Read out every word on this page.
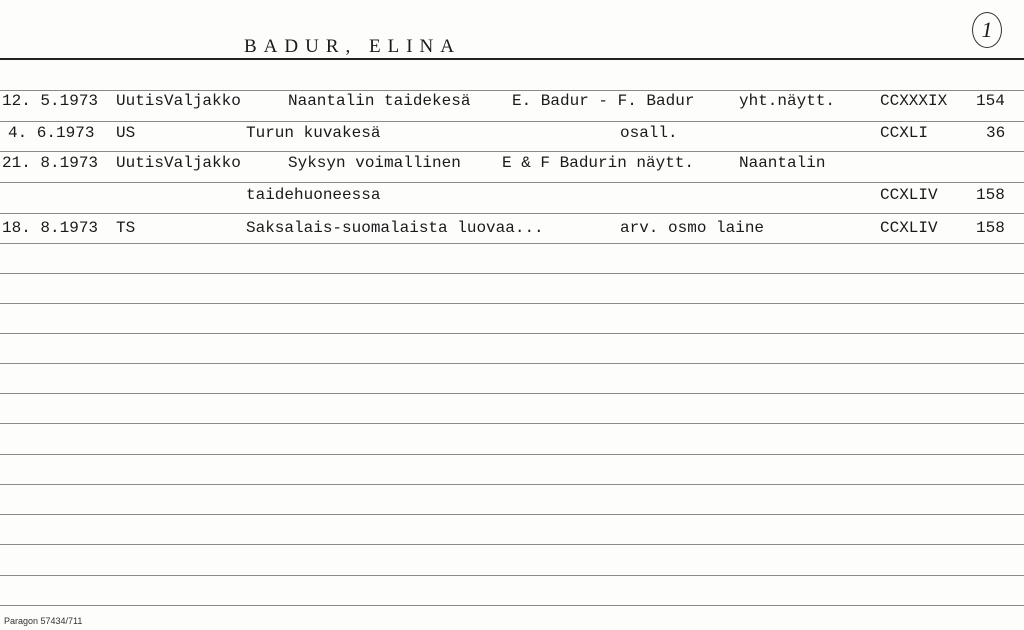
BADUR, ELINA
1
12. 5.1973 UutisValjakko	Naantalin taidekesä	E. Badur - F. Badur	yht.näytt.	CCXXXIX 154
4. 6.1973 US	Turun kuvakesä	osall.	CCXLI	36
21. 8.1973 UutisValjakko	Syksyn voimallinen	E & F Badurin näytt.	Naantalin
taidehuoneessa	CCXLIV 158
18. 8.1973 TS	Saksalais-suomalaista luovaa...	arv. osmo laine	CCXLIV 158
Paragon 57434/711
